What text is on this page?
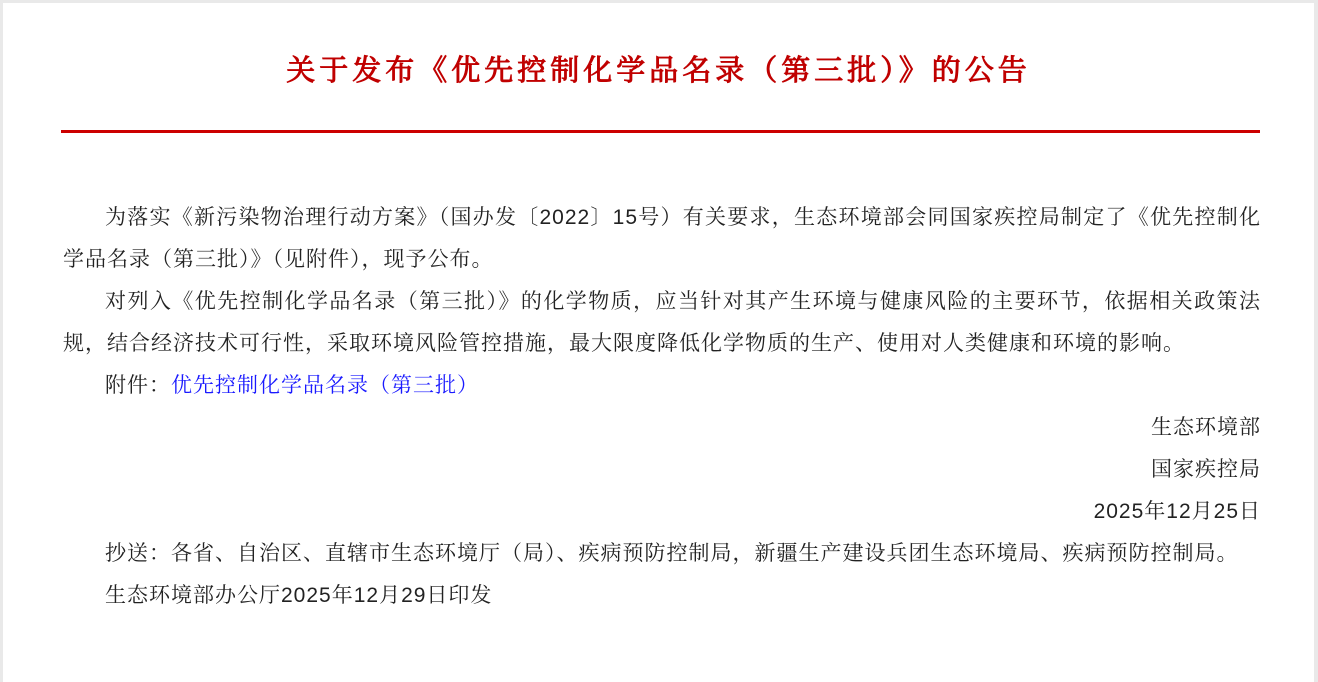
关于发布《优先控制化学品名录（第三批）》的公告

为落实《新污染物治理行动方案》（国办发〔2022〕15号）有关要求，生态环境部会同国家疾控局制定了《优先控制化学品名录（第三批）》（见附件），现予公布。

对列入《优先控制化学品名录（第三批）》的化学物质，应当针对其产生环境与健康风险的主要环节，依据相关政策法规，结合经济技术可行性，采取环境风险管控措施，最大限度降低化学物质的生产、使用对人类健康和环境的影响。

附件：优先控制化学品名录（第三批）

生态环境部

国家疾控局

2025年12月25日

抄送：各省、自治区、直辖市生态环境厅（局）、疾病预防控制局，新疆生产建设兵团生态环境局、疾病预防控制局。

生态环境部办公厅2025年12月29日印发
